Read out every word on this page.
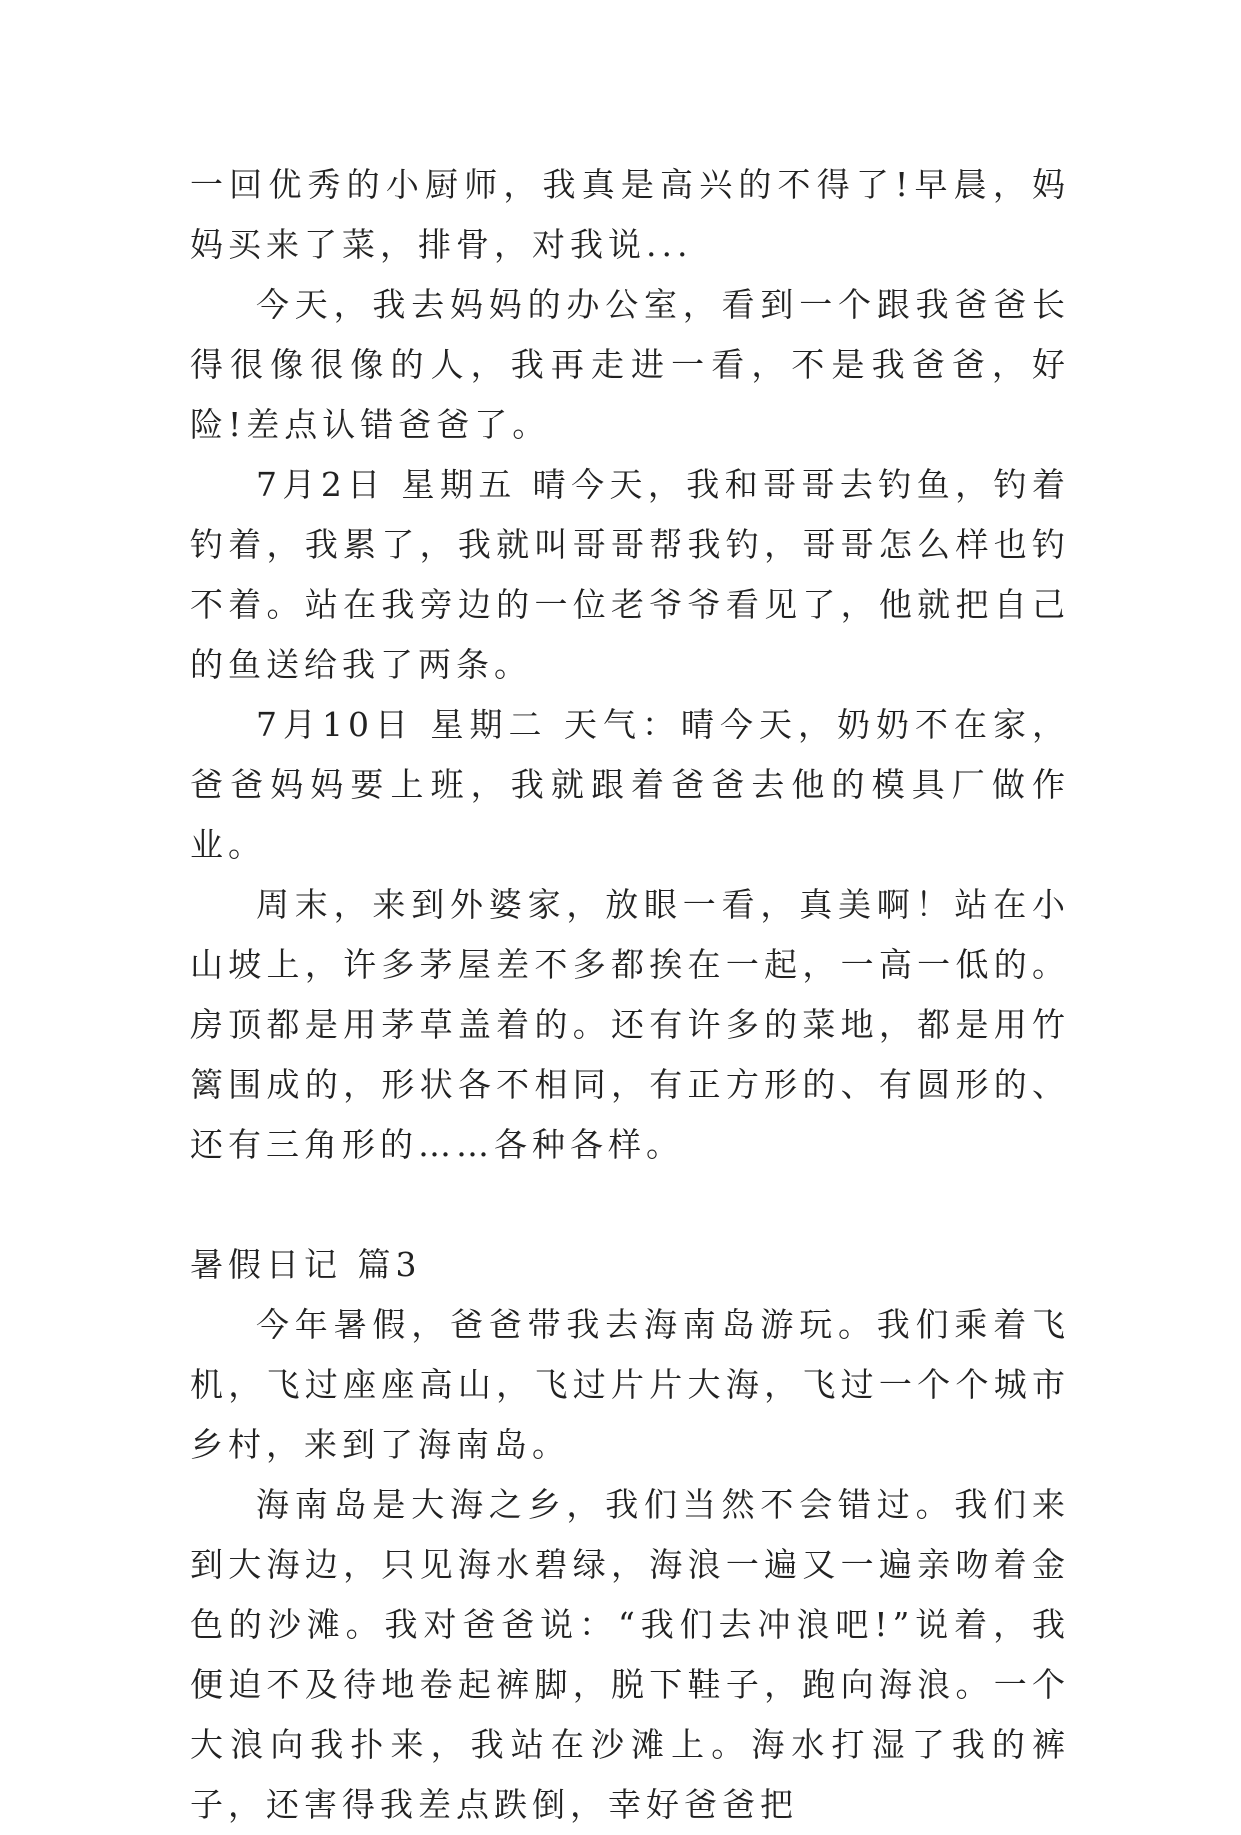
一回优秀的小厨师，我真是高兴的不得了!早晨，妈妈买来了菜，排骨，对我说...

今天，我去妈妈的办公室，看到一个跟我爸爸长得很像很像的人，我再走进一看，不是我爸爸，好险!差点认错爸爸了。

7月2日 星期五 晴今天，我和哥哥去钓鱼，钓着钓着，我累了，我就叫哥哥帮我钓，哥哥怎么样也钓不着。站在我旁边的一位老爷爷看见了，他就把自己的鱼送给我了两条。

7月10日 星期二 天气：晴今天，奶奶不在家，爸爸妈妈要上班，我就跟着爸爸去他的模具厂做作业。

周末，来到外婆家，放眼一看，真美啊！站在小山坡上，许多茅屋差不多都挨在一起，一高一低的。房顶都是用茅草盖着的。还有许多的菜地，都是用竹篱围成的，形状各不相同，有正方形的、有圆形的、还有三角形的……各种各样。

暑假日记 篇3

今年暑假，爸爸带我去海南岛游玩。我们乘着飞机，飞过座座高山，飞过片片大海，飞过一个个城市乡村，来到了海南岛。

海南岛是大海之乡，我们当然不会错过。我们来到大海边，只见海水碧绿，海浪一遍又一遍亲吻着金色的沙滩。我对爸爸说：“我们去冲浪吧!”说着，我便迫不及待地卷起裤脚，脱下鞋子，跑向海浪。一个大浪向我扑来，我站在沙滩上。海水打湿了我的裤子，还害得我差点跌倒，幸好爸爸把
